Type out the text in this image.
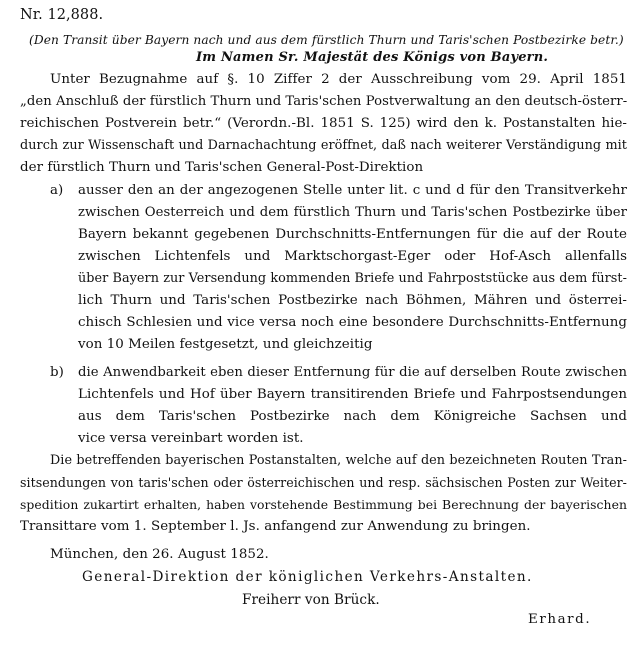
Nr. 12,888.
(Den Transit über Bayern nach und aus dem fürstlich Thurn und Taris'schen Postbezirke betr.)
Im Namen Sr. Majestät des Königs von Bayern.
Unter Bezugnahme auf §. 10 Ziffer 2 der Ausschreibung vom 29. April 1851
„den Anschluß der fürstlich Thurn und Taris'schen Postverwaltung an den deutsch-österr-
reichischen Postverein betr.“ (Verordn.-Bl. 1851 S. 125) wird den k. Postanstalten hie-
durch zur Wissenschaft und Darnachachtung eröffnet, daß nach weiterer Verständigung mit
der fürstlich Thurn und Taris'schen General-Post-Direktion
a) ausser den an der angezogenen Stelle unter lit. c und d für den Transitverkehr
zwischen Oesterreich und dem fürstlich Thurn und Taris'schen Postbezirke über
Bayern bekannt gegebenen Durchschnitts-Entfernungen für die auf der Route
zwischen Lichtenfels und Marktschorgast-Eger oder Hof-Asch allenfalls
über Bayern zur Versendung kommenden Briefe und Fahrpoststücke aus dem fürst-
lich Thurn und Taris'schen Postbezirke nach Böhmen, Mähren und österrei-
chisch Schlesien und vice versa noch eine besondere Durchschnitts-Entfernung
von 10 Meilen festgesetzt, und gleichzeitig
b) die Anwendbarkeit eben dieser Entfernung für die auf derselben Route zwischen
Lichtenfels und Hof über Bayern transitirenden Briefe und Fahrpostsendungen
aus dem Taris'schen Postbezirke nach dem Königreiche Sachsen und
vice versa vereinbart worden ist.
Die betreffenden bayerischen Postanstalten, welche auf den bezeichneten Routen Tran-
sitsendungen von taris'schen oder österreichischen und resp. sächsischen Posten zur Weiter-
spedition zukartirt erhalten, haben vorstehende Bestimmung bei Berechnung der bayerischen
Transittare vom 1. September l. Js. anfangend zur Anwendung zu bringen.
München, den 26. August 1852.
General-Direktion der königlichen Verkehrs-Anstalten.
Freiherr von Brück.
Erhard.
